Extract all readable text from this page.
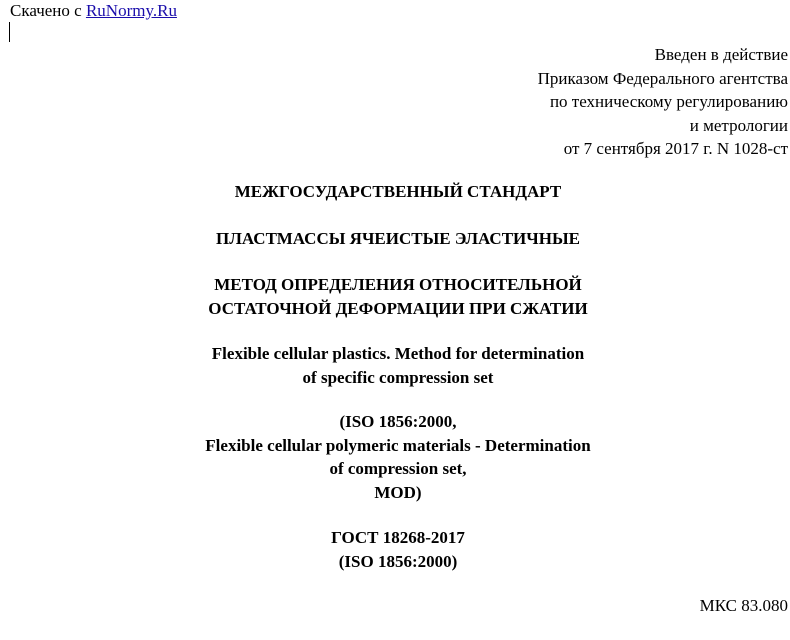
Скачено с RuNormy.Ru
Введен в действие
Приказом Федерального агентства
по техническому регулированию
и метрологии
от 7 сентября 2017 г. N 1028-ст
МЕЖГОСУДАРСТВЕННЫЙ СТАНДАРТ
ПЛАСТМАССЫ ЯЧЕИСТЫЕ ЭЛАСТИЧНЫЕ
МЕТОД ОПРЕДЕЛЕНИЯ ОТНОСИТЕЛЬНОЙ
ОСТАТОЧНОЙ ДЕФОРМАЦИИ ПРИ СЖАТИИ
Flexible cellular plastics. Method for determination
of specific compression set
(ISO 1856:2000,
Flexible cellular polymeric materials - Determination
of compression set,
MOD)
ГОСТ 18268-2017
(ISO 1856:2000)
МКС 83.080
